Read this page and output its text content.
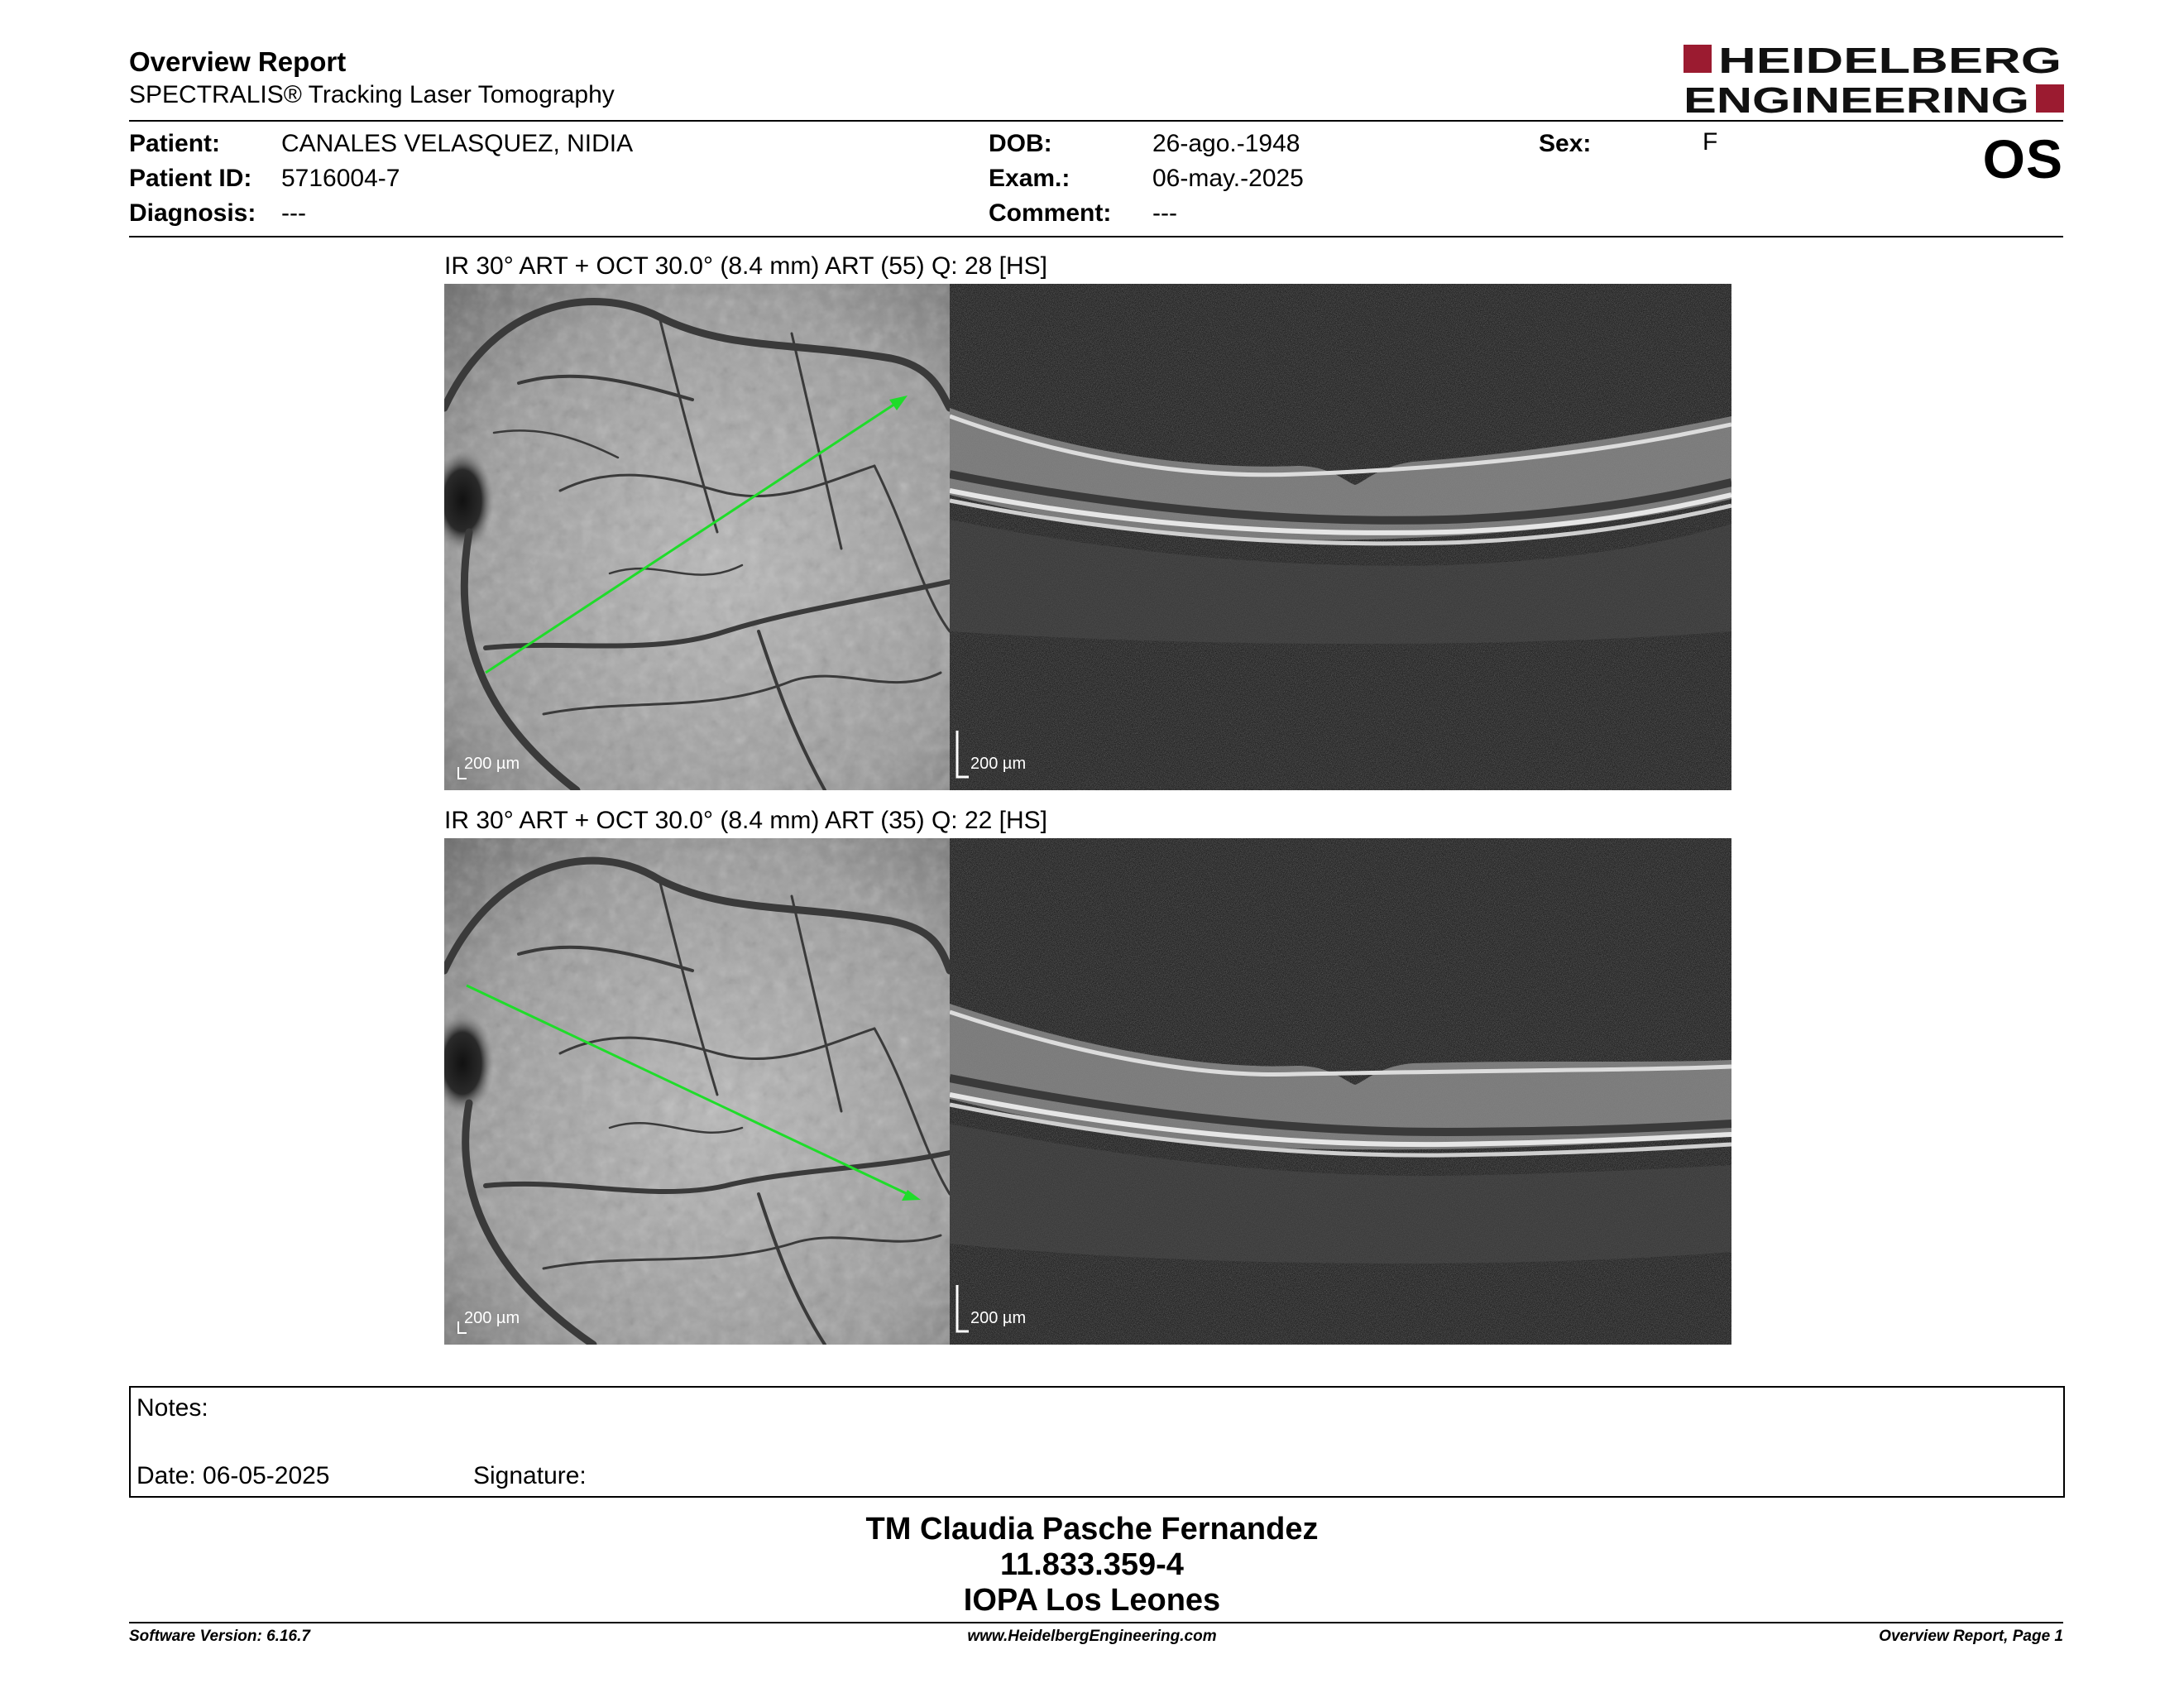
Overview Report
SPECTRALIS® Tracking Laser Tomography
HEIDELBERG
ENGINEERING
Patient: CANALES VELASQUEZ, NIDIA
Patient ID: 5716004-7
Diagnosis: ---
DOB:	26-ago.-1948
Exam.:	06-may.-2025
Comment: ---
Sex:	F	OS
IR 30° ART + OCT 30.0° (8.4 mm) ART (55) Q: 28 [HS]
200 µm	200 µm
IR 30° ART + OCT 30.0° (8.4 mm) ART (35) Q: 22 [HS]
200 µm	200 µm
Notes:
Date: 06-05-2025	Signature:
TM Claudia Pasche Fernandez
11.833.359-4
IOPA Los Leones
Software Version: 6.16.7	www.HeidelbergEngineering.com	Overview Report, Page 1
